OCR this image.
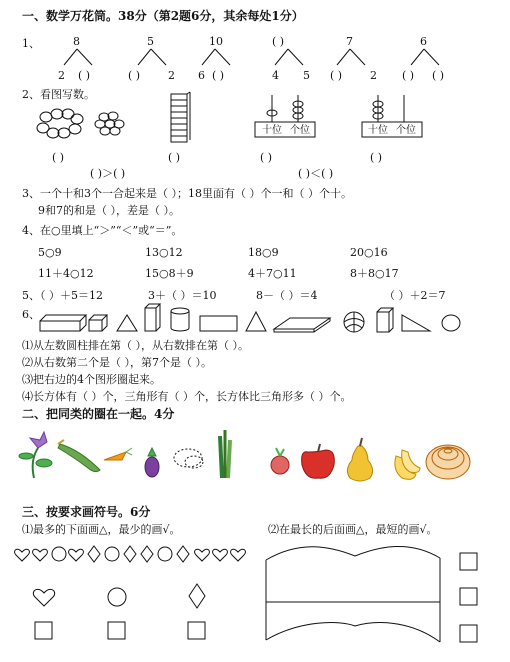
一、数学万花筒。38分（第2题6分，其余每处1分）
1、	8	5	10	( )	7	6
2 ( )	( )	2 6 ( )	4 5 ( )	2 ( ) ( )
2、看图写数。
十位 个位	十位 个位
( )	( )	( )	( )
( )＞( )	( )＜( )
3、一个十和3个一合起来是（ ）；18里面有（ ）个一和（ ）个十。
9和7的和是（ ），差是（ ）。
4、在○里填上“＞”“＜”或“＝”。
5○9	13○12	18○9	20○16
11＋4○12	15○8＋9	4＋7○11	8＋8○17
5、（ ）＋5＝12	3＋（ ）＝10	8－（ ）＝4	（ ）＋2＝7
6、
⑴从左数圆柱排在第（ ），从右数排在第（ ）。
⑵从右数第二个是（ ），第7个是（ ）。
⑶把右边的4个图形圈起来。
⑷长方体有（ ）个，三角形有（ ）个，长方体比三角形多（ ）个。
二、把同类的圈在一起。4分
三、按要求画符号。6分
⑴最多的下面画△，最少的画√。	⑵在最长的后面画△，最短的画√。
